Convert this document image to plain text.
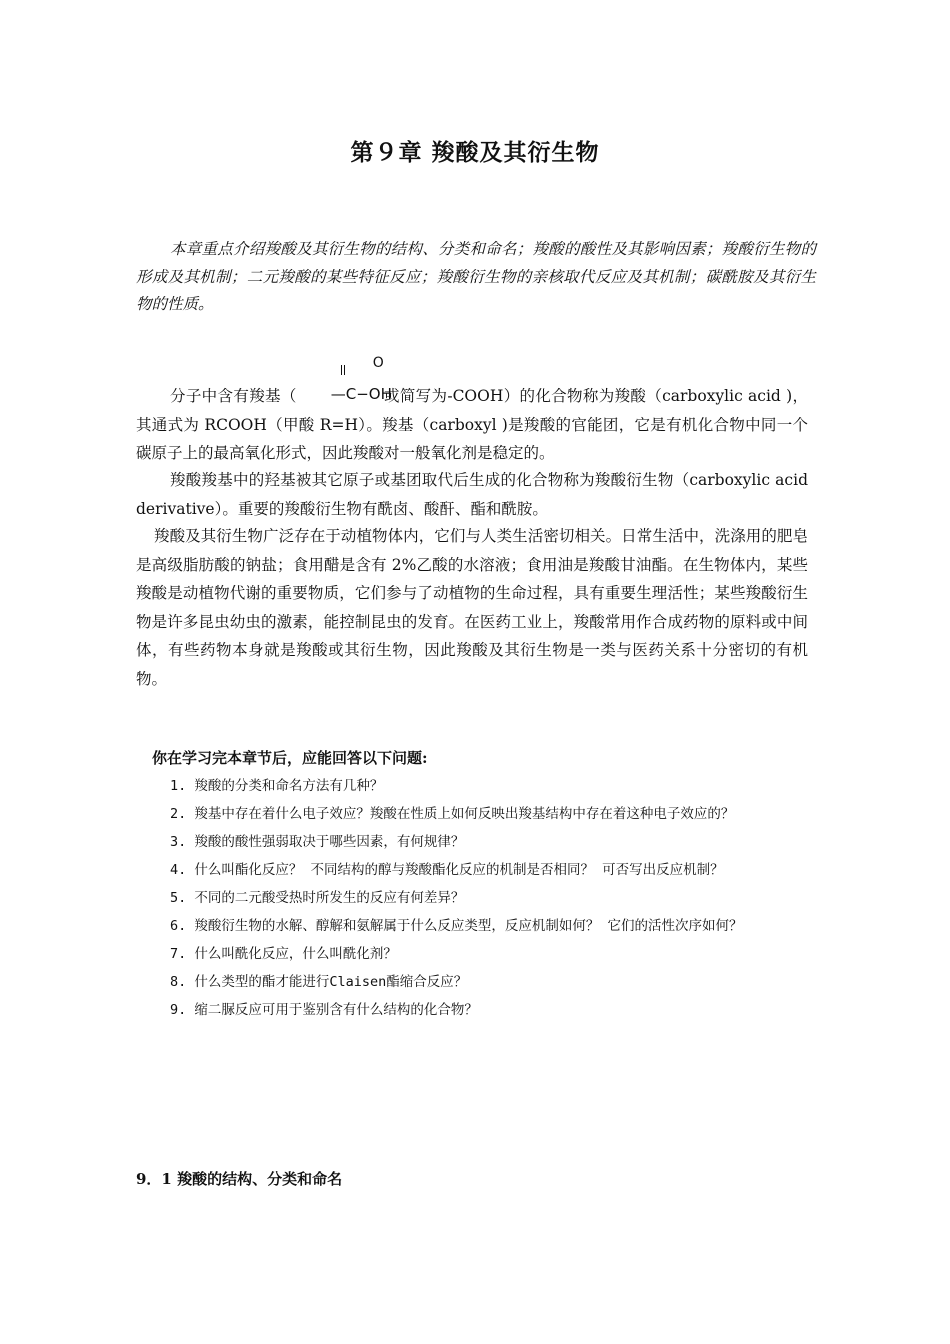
第９章 羧酸及其衍生物
本章重点介绍羧酸及其衍生物的结构、分类和命名；羧酸的酸性及其影响因素；羧酸衍生物的形成及其机制；二元羧酸的某些特征反应；羧酸衍生物的亲核取代反应及其机制；碳酰胺及其衍生物的性质。
分子中含有羧基（
O
—C−OH
或简写为-COOH）的化合物称为羧酸（carboxylic acid )，其通式为 RCOOH（甲酸 R=H）。羧基（carboxyl )是羧酸的官能团，它是有机化合物中同一个碳原子上的最高氧化形式，因此羧酸对一般氧化剂是稳定的。
羧酸羧基中的羟基被其它原子或基团取代后生成的化合物称为羧酸衍生物（carboxylic acid derivative）。重要的羧酸衍生物有酰卤、酸酐、酯和酰胺。
羧酸及其衍生物广泛存在于动植物体内，它们与人类生活密切相关。日常生活中，洗涤用的肥皂是高级脂肪酸的钠盐；食用醋是含有 2%乙酸的水溶液；食用油是羧酸甘油酯。在生物体内，某些羧酸是动植物代谢的重要物质，它们参与了动植物的生命过程，具有重要生理活性；某些羧酸衍生物是许多昆虫幼虫的激素，能控制昆虫的发育。在医药工业上，羧酸常用作合成药物的原料或中间体，有些药物本身就是羧酸或其衍生物，因此羧酸及其衍生物是一类与医药关系十分密切的有机物。
你在学习完本章节后，应能回答以下问题:
1. 羧酸的分类和命名方法有几种？
2. 羧基中存在着什么电子效应？羧酸在性质上如何反映出羧基结构中存在着这种电子效应的？
3. 羧酸的酸性强弱取决于哪些因素，有何规律？
4. 什么叫酯化反应？ 不同结构的醇与羧酸酯化反应的机制是否相同？ 可否写出反应机制？
5. 不同的二元酸受热时所发生的反应有何差异？
6. 羧酸衍生物的水解、醇解和氨解属于什么反应类型，反应机制如何？ 它们的活性次序如何？
7. 什么叫酰化反应，什么叫酰化剂？
8. 什么类型的酯才能进行Claisen酯缩合反应？
9. 缩二脲反应可用于鉴别含有什么结构的化合物？
9．1 羧酸的结构、分类和命名
